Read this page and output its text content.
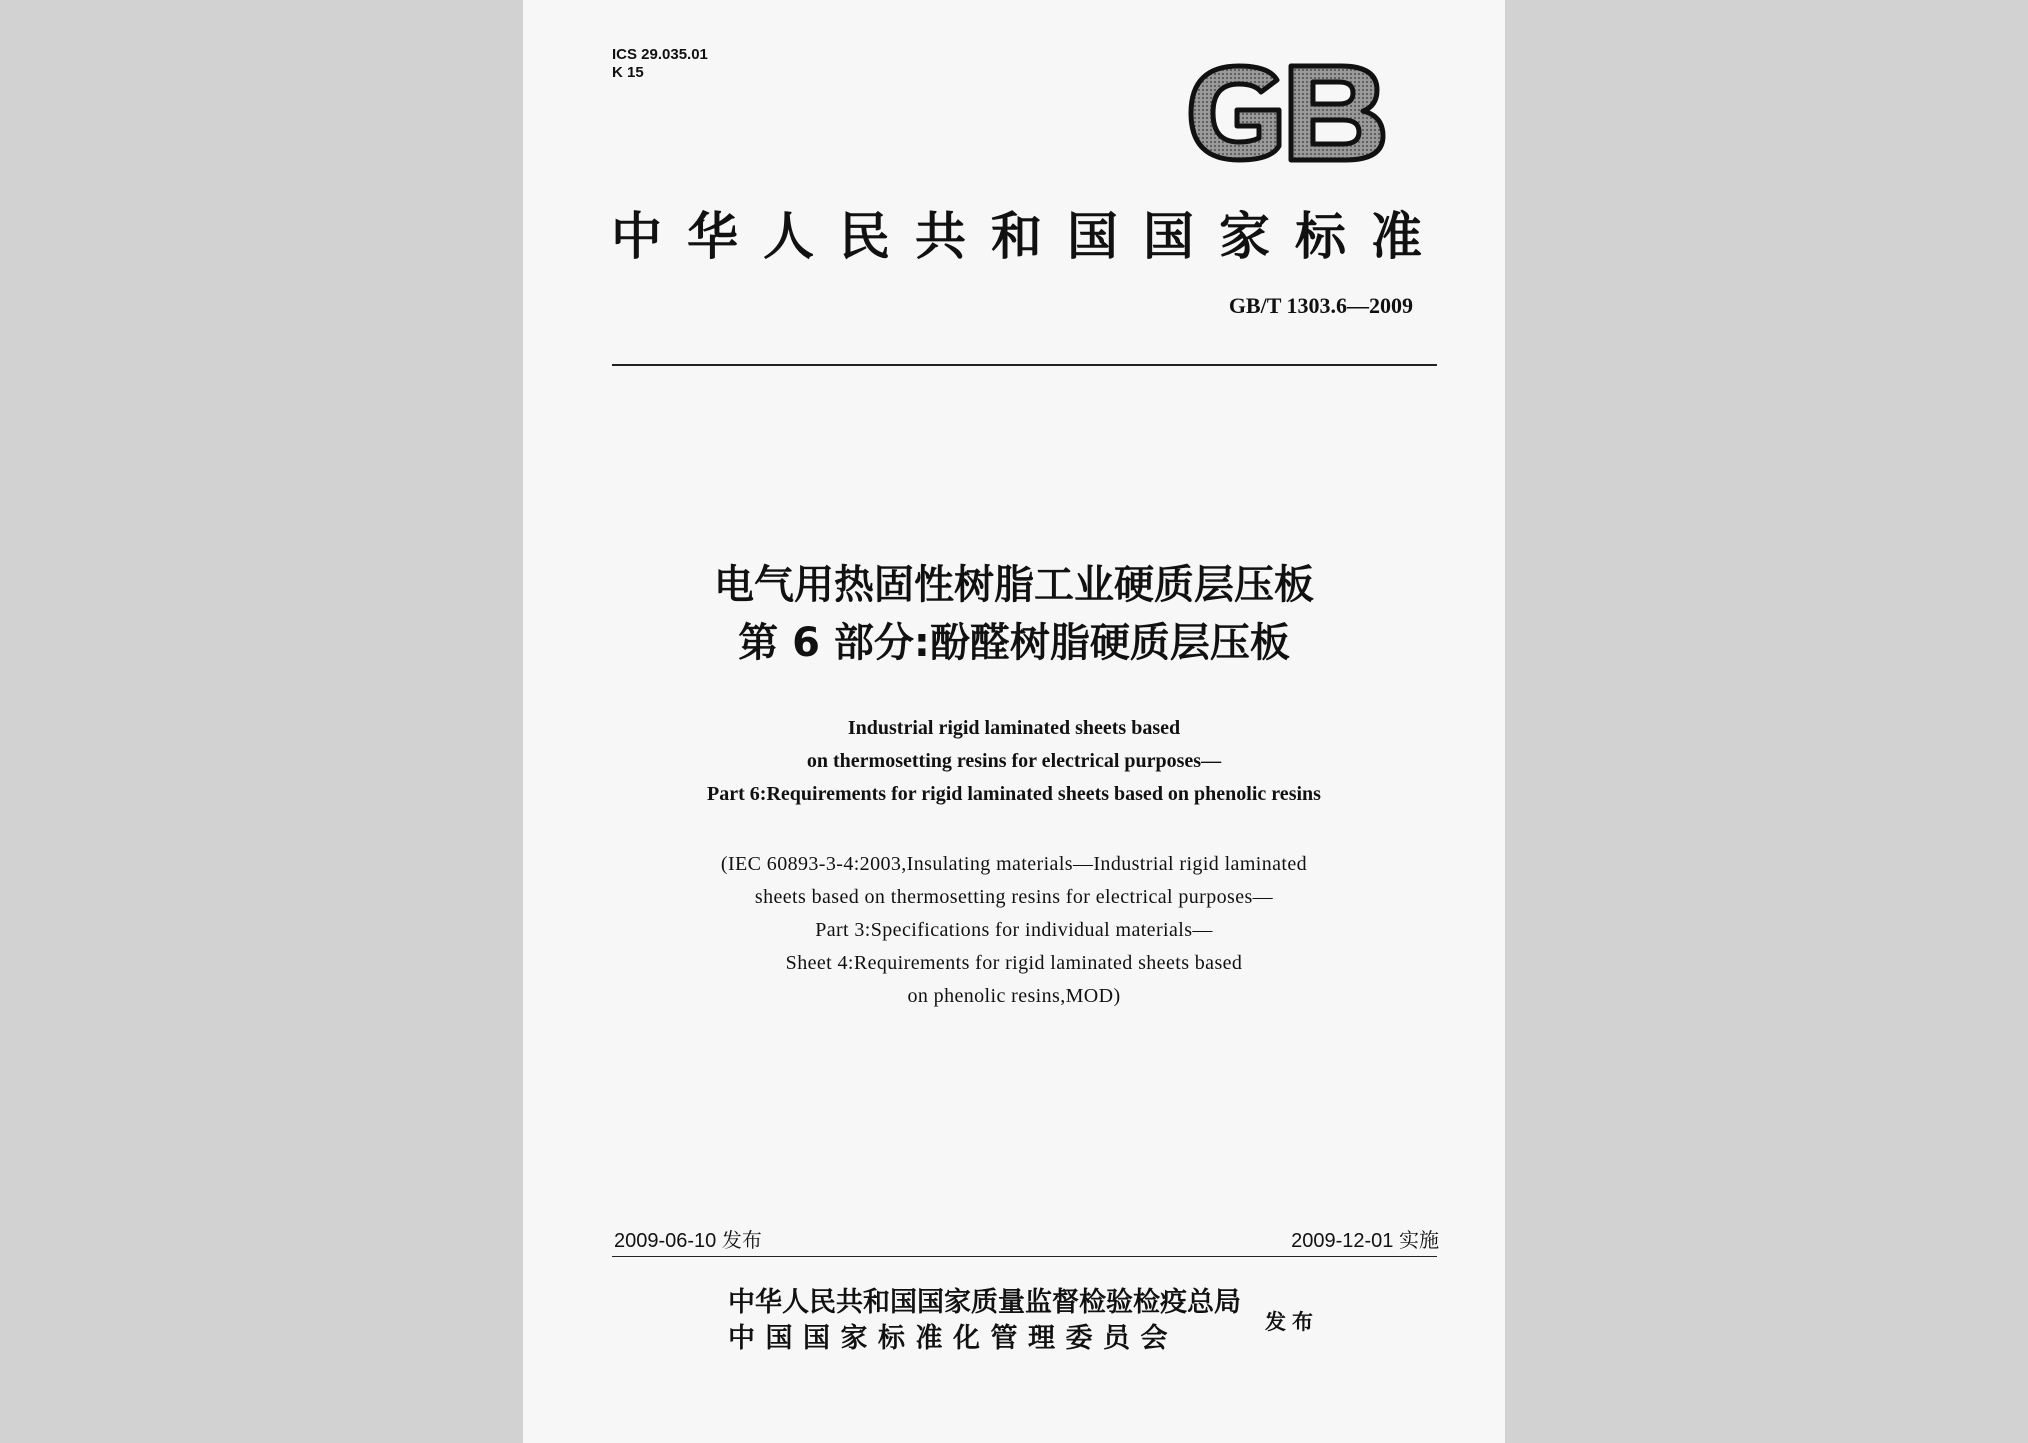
ICS 29.035.01
K 15
中华人民共和国国家标准
GB/T 1303.6—2009
电气用热固性树脂工业硬质层压板
第 6 部分:酚醛树脂硬质层压板
Industrial rigid laminated sheets based
on thermosetting resins for electrical purposes—
Part 6:Requirements for rigid laminated sheets based on phenolic resins
(IEC 60893-3-4:2003,Insulating materials—Industrial rigid laminated
sheets based on thermosetting resins for electrical purposes—
Part 3:Specifications for individual materials—
Sheet 4:Requirements for rigid laminated sheets based
on phenolic resins,MOD)
2009-06-10 发布	2009-12-01 实施
中华人民共和国国家质量监督检验检疫总局
中国国家标准化管理委员会
发布
